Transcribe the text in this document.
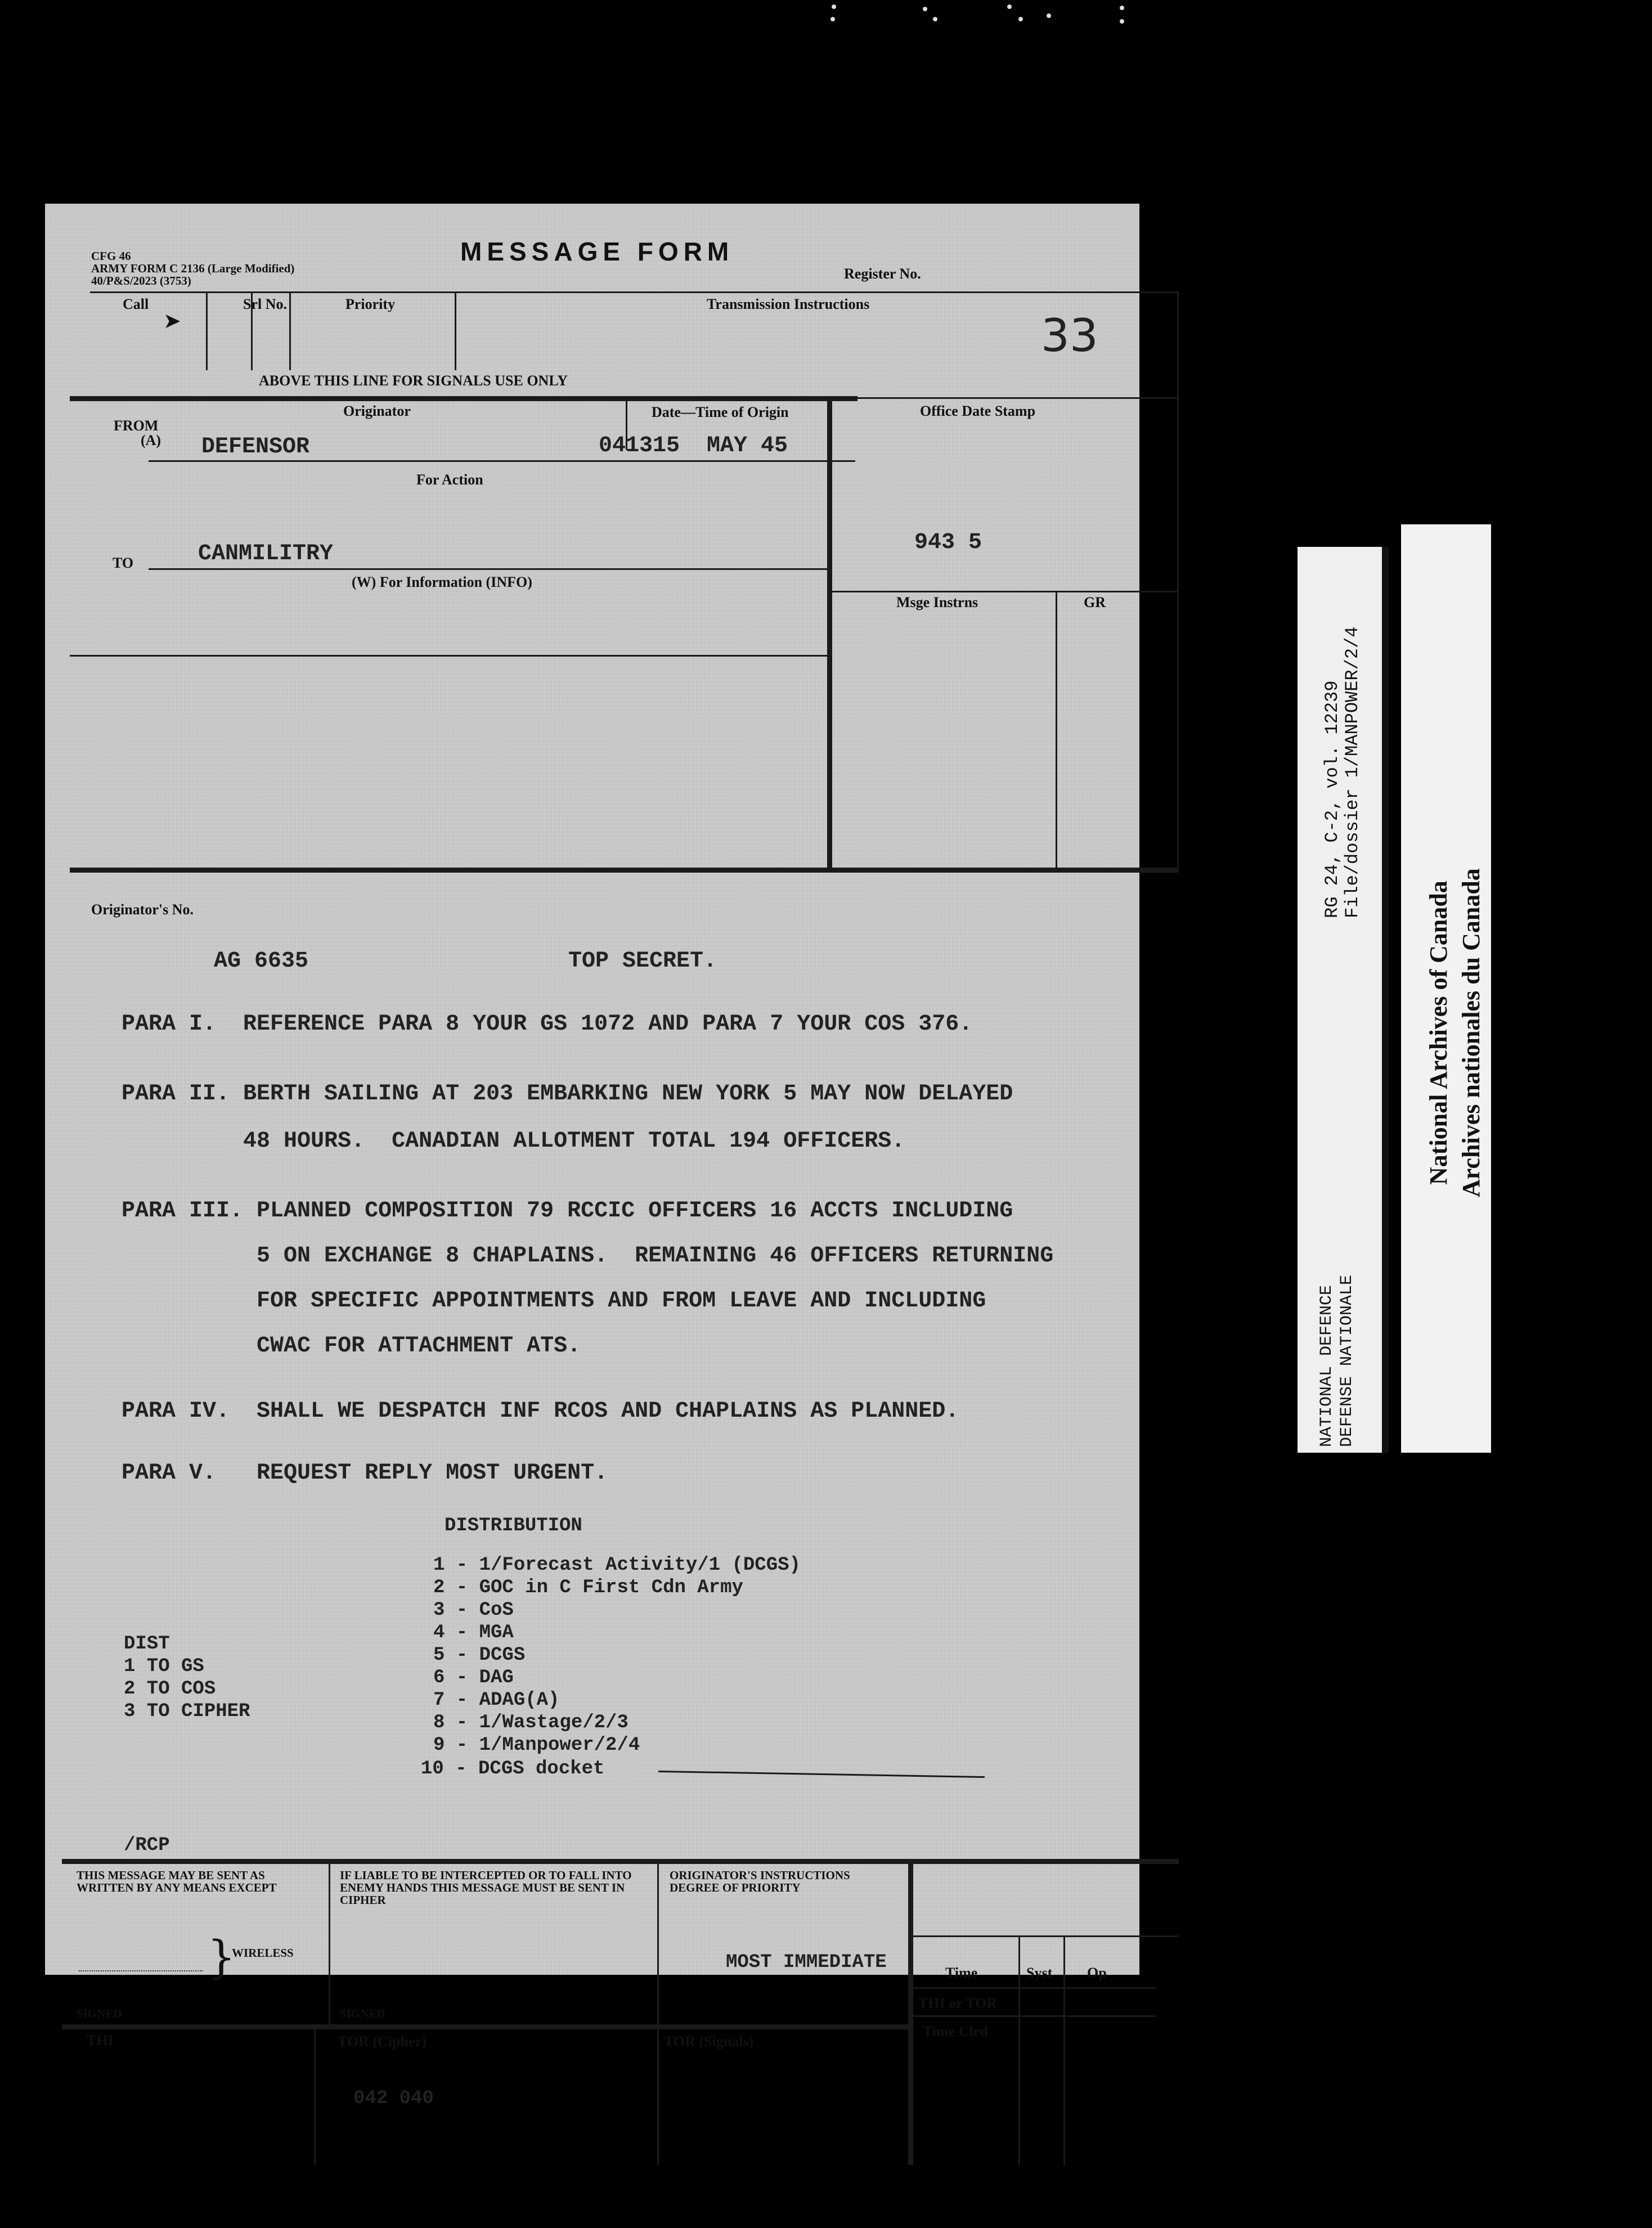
CFG 46
ARMY FORM C 2136 (Large Modified)
40/P&S/2023 (3753)
MESSAGE FORM
Register No.
Call
➤
Srl No.	Priority	Transmission Instructions
33
ABOVE THIS LINE FOR SIGNALS USE ONLY
Originator	Date—Time of Origin	Office Date Stamp
FROM
(A) DEFENSOR	041315  MAY 45
For Action
CANMILITRY
TO
(W) For Information (INFO)
943 5
Msge Instrns	GR
Originator's No.
AG 6635	TOP SECRET.
PARA I.  REFERENCE PARA 8 YOUR GS 1072 AND PARA 7 YOUR COS 376.
PARA II. BERTH SAILING AT 203 EMBARKING NEW YORK 5 MAY NOW DELAYED
48 HOURS.  CANADIAN ALLOTMENT TOTAL 194 OFFICERS.
PARA III. PLANNED COMPOSITION 79 RCCIC OFFICERS 16 ACCTS INCLUDING
5 ON EXCHANGE 8 CHAPLAINS.  REMAINING 46 OFFICERS RETURNING
FOR SPECIFIC APPOINTMENTS AND FROM LEAVE AND INCLUDING
CWAC FOR ATTACHMENT ATS.
PARA IV.  SHALL WE DESPATCH INF RCOS AND CHAPLAINS AS PLANNED.
PARA V.   REQUEST REPLY MOST URGENT.
DISTRIBUTION
1 - 1/Forecast Activity/1 (DCGS)
2 - GOC in C First Cdn Army
3 - CoS
4 - MGA
5 - DCGS
6 - DAG
7 - ADAG(A)
8 - 1/Wastage/2/3
9 - 1/Manpower/2/4
10 - DCGS docket
DIST
1 TO GS
2 TO COS
3 TO CIPHER
/RCP
THIS MESSAGE MAY BE SENT AS WRITTEN BY ANY MEANS EXCEPT
}
WIRELESS
SIGNED
IF LIABLE TO BE INTERCEPTED OR TO FALL INTO ENEMY HANDS THIS MESSAGE MUST BE SENT IN CIPHER
SIGNED
ORIGINATOR'S INSTRUCTIONS DEGREE OF PRIORITY
MOST IMMEDIATE	Time	Syst Op
THI or TOR
Time Clrd
THI	TOR (Cipher)
042 040
TOR (Signals)
RG 24, C-2, vol. 12239 File/dossier 1/MANPOWER/2/4
NATIONAL DEFENCE DEFENSE NATIONALE
National Archives of Canada Archives nationales du Canada
